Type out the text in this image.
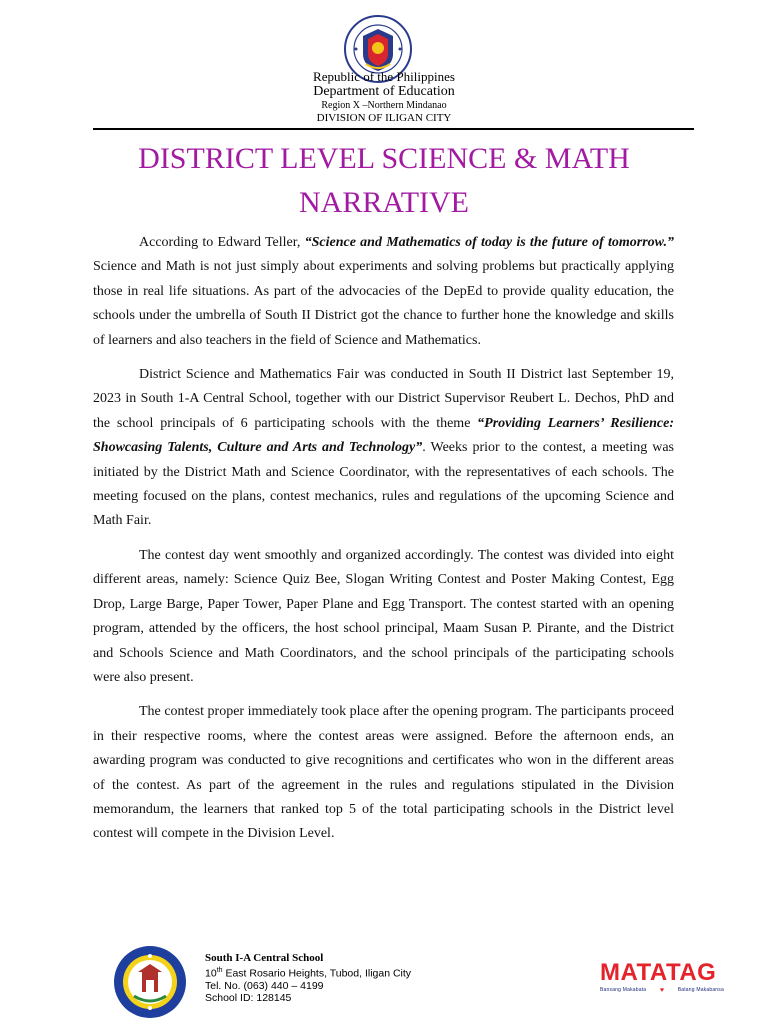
Republic of the Philippines
Department of Education
Region X –Northern Mindanao
DIVISION OF ILIGAN CITY
DISTRICT LEVEL SCIENCE & MATH
NARRATIVE

According to Edward Teller, “Science and Mathematics of today is the future of tomorrow.” Science and Math is not just simply about experiments and solving problems but practically applying those in real life situations. As part of the advocacies of the DepEd to provide quality education, the schools under the umbrella of South II District got the chance to further hone the knowledge and skills of learners and also teachers in the field of Science and Mathematics.

District Science and Mathematics Fair was conducted in South II District last September 19, 2023 in South 1-A Central School, together with our District Supervisor Reubert L. Dechos, PhD and the school principals of 6 participating schools with the theme “Providing Learners’ Resilience: Showcasing Talents, Culture and Arts and Technology”. Weeks prior to the contest, a meeting was initiated by the District Math and Science Coordinator, with the representatives of each schools. The meeting focused on the plans, contest mechanics, rules and regulations of the upcoming Science and Math Fair.

The contest day went smoothly and organized accordingly. The contest was divided into eight different areas, namely: Science Quiz Bee, Slogan Writing Contest and Poster Making Contest, Egg Drop, Large Barge, Paper Tower, Paper Plane and Egg Transport. The contest started with an opening program, attended by the officers, the host school principal, Maam Susan P. Pirante, and the District and Schools Science and Math Coordinators, and the school principals of the participating schools were also present.

The contest proper immediately took place after the opening program. The participants proceed in their respective rooms, where the contest areas were assigned. Before the afternoon ends, an awarding program was conducted to give recognitions and certificates who won in the different areas of the contest. As part of the agreement in the rules and regulations stipulated in the Division memorandum, the learners that ranked top 5 of the total participating schools in the District level contest will compete in the Division Level.

South I-A Central School
10th East Rosario Heights, Tubod, Iligan City
Tel. No. (063) 440 – 4199
School ID: 128145
MATATAG
Bansang Makabata ♥	Batang Makabansa
